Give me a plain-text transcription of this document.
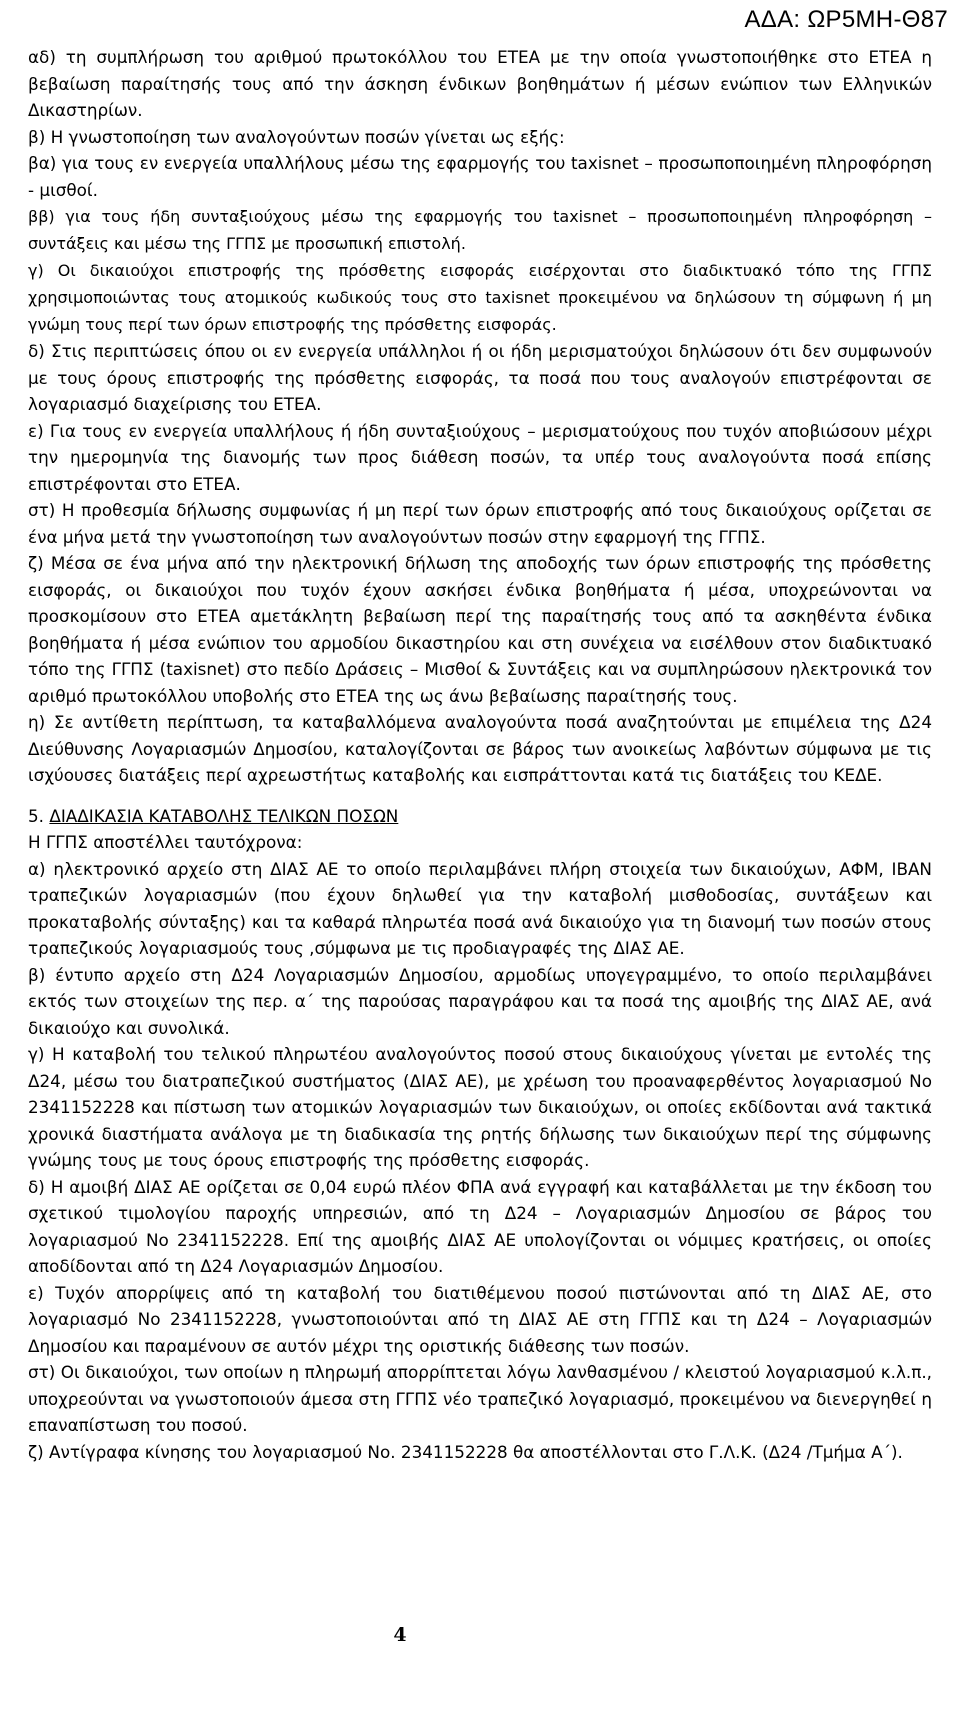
ΑΔΑ: ΩΡ5ΜΗ-Θ87

αδ) τη συμπλήρωση του αριθμού πρωτοκόλλου του ΕΤΕΑ με την οποία γνωστοποιήθηκε στο ΕΤΕΑ η βεβαίωση παραίτησής τους από την άσκηση ένδικων βοηθημάτων ή μέσων ενώπιον των Ελληνικών Δικαστηρίων.

β) Η γνωστοποίηση των αναλογούντων ποσών γίνεται ως εξής:

βα) για τους εν ενεργεία υπαλλήλους μέσω της εφαρμογής του taxisnet – προσωποποιημένη πληροφόρηση - μισθοί.

ββ) για τους ήδη συνταξιούχους μέσω της εφαρμογής του taxisnet – προσωποποιημένη πληροφόρηση – συντάξεις και μέσω της ΓΓΠΣ με προσωπική επιστολή.

γ) Οι δικαιούχοι επιστροφής της πρόσθετης εισφοράς εισέρχονται στο διαδικτυακό τόπο της ΓΓΠΣ χρησιμοποιώντας τους ατομικούς κωδικούς τους στο taxisnet προκειμένου να δηλώσουν τη σύμφωνη ή μη γνώμη τους περί των όρων επιστροφής της πρόσθετης εισφοράς.

δ) Στις περιπτώσεις όπου οι εν ενεργεία υπάλληλοι ή οι ήδη μερισματούχοι δηλώσουν ότι δεν συμφωνούν με τους όρους επιστροφής της πρόσθετης εισφοράς, τα ποσά που τους αναλογούν επιστρέφονται σε λογαριασμό διαχείρισης του ΕΤΕΑ.

ε) Για τους εν ενεργεία υπαλλήλους ή ήδη συνταξιούχους – μερισματούχους που τυχόν αποβιώσουν μέχρι την ημερομηνία της διανομής των προς διάθεση ποσών, τα υπέρ τους αναλογούντα ποσά επίσης επιστρέφονται στο ΕΤΕΑ.

στ) Η προθεσμία δήλωσης συμφωνίας ή μη περί των όρων επιστροφής από τους δικαιούχους ορίζεται σε ένα μήνα μετά την γνωστοποίηση των αναλογούντων ποσών στην εφαρμογή της ΓΓΠΣ.

ζ) Μέσα σε ένα μήνα από την ηλεκτρονική δήλωση της αποδοχής των όρων επιστροφής της πρόσθετης εισφοράς, οι δικαιούχοι που τυχόν έχουν ασκήσει ένδικα βοηθήματα ή μέσα, υποχρεώνονται να προσκομίσουν στο ΕΤΕΑ αμετάκλητη βεβαίωση περί της παραίτησής τους από τα ασκηθέντα ένδικα βοηθήματα ή μέσα ενώπιον του αρμοδίου δικαστηρίου και στη συνέχεια να εισέλθουν στον διαδικτυακό τόπο της ΓΓΠΣ (taxisnet) στο πεδίο Δράσεις – Μισθοί & Συντάξεις και να συμπληρώσουν ηλεκτρονικά τον αριθμό πρωτοκόλλου υποβολής στο ΕΤΕΑ της ως άνω βεβαίωσης παραίτησής τους.

η) Σε αντίθετη περίπτωση, τα καταβαλλόμενα αναλογούντα ποσά αναζητούνται με επιμέλεια της Δ24 Διεύθυνσης Λογαριασμών Δημοσίου, καταλογίζονται σε βάρος των ανοικείως λαβόντων σύμφωνα με τις ισχύουσες διατάξεις περί αχρεωστήτως καταβολής και εισπράττονται κατά τις διατάξεις του ΚΕΔΕ.

5. ΔΙΑΔΙΚΑΣΙΑ ΚΑΤΑΒΟΛΗΣ ΤΕΛΙΚΩΝ ΠΟΣΩΝ

Η ΓΓΠΣ αποστέλλει ταυτόχρονα:

α) ηλεκτρονικό αρχείο στη ΔΙΑΣ ΑΕ το οποίο περιλαμβάνει πλήρη στοιχεία των δικαιούχων, ΑΦΜ, ΙΒΑΝ τραπεζικών λογαριασμών (που έχουν δηλωθεί για την καταβολή μισθοδοσίας, συντάξεων και προκαταβολής σύνταξης) και τα καθαρά πληρωτέα ποσά ανά δικαιούχο για τη διανομή των ποσών στους τραπεζικούς λογαριασμούς τους ,σύμφωνα με τις προδιαγραφές της ΔΙΑΣ ΑΕ.

β) έντυπο αρχείο στη Δ24 Λογαριασμών Δημοσίου, αρμοδίως υπογεγραμμένο, το οποίο περιλαμβάνει εκτός των στοιχείων της περ. α΄ της παρούσας παραγράφου και τα ποσά της αμοιβής της ΔΙΑΣ ΑΕ, ανά δικαιούχο και συνολικά.

γ) Η καταβολή του τελικού πληρωτέου αναλογούντος ποσού στους δικαιούχους γίνεται με εντολές της Δ24, μέσω του διατραπεζικού συστήματος (ΔΙΑΣ ΑΕ), με χρέωση του προαναφερθέντος λογαριασμού Νο 2341152228 και πίστωση των ατομικών λογαριασμών των δικαιούχων, οι οποίες εκδίδονται ανά τακτικά χρονικά διαστήματα ανάλογα με τη διαδικασία της ρητής δήλωσης των δικαιούχων περί της σύμφωνης γνώμης τους με τους όρους επιστροφής της πρόσθετης εισφοράς.

δ) Η αμοιβή ΔΙΑΣ ΑΕ ορίζεται σε 0,04 ευρώ πλέον ΦΠΑ ανά εγγραφή και καταβάλλεται με την έκδοση του σχετικού τιμολογίου παροχής υπηρεσιών, από τη Δ24 – Λογαριασμών Δημοσίου σε βάρος του λογαριασμού Νο 2341152228. Επί της αμοιβής ΔΙΑΣ ΑΕ υπολογίζονται οι νόμιμες κρατήσεις, οι οποίες αποδίδονται από τη Δ24 Λογαριασμών Δημοσίου.

ε) Τυχόν απορρίψεις από τη καταβολή του διατιθέμενου ποσού πιστώνονται από τη ΔΙΑΣ ΑΕ, στο λογαριασμό Νο 2341152228, γνωστοποιούνται από τη ΔΙΑΣ ΑΕ στη ΓΓΠΣ και τη Δ24 – Λογαριασμών Δημοσίου και παραμένουν σε αυτόν μέχρι της οριστικής διάθεσης των ποσών.

στ) Οι δικαιούχοι, των οποίων η πληρωμή απορρίπτεται λόγω λανθασμένου / κλειστού λογαριασμού κ.λ.π., υποχρεούνται να γνωστοποιούν άμεσα στη ΓΓΠΣ νέο τραπεζικό λογαριασμό, προκειμένου να διενεργηθεί η επαναπίστωση του ποσού.

ζ) Αντίγραφα κίνησης του λογαριασμού Νο. 2341152228 θα αποστέλλονται στο Γ.Λ.Κ. (Δ24 /Τμήμα Α΄).

4
